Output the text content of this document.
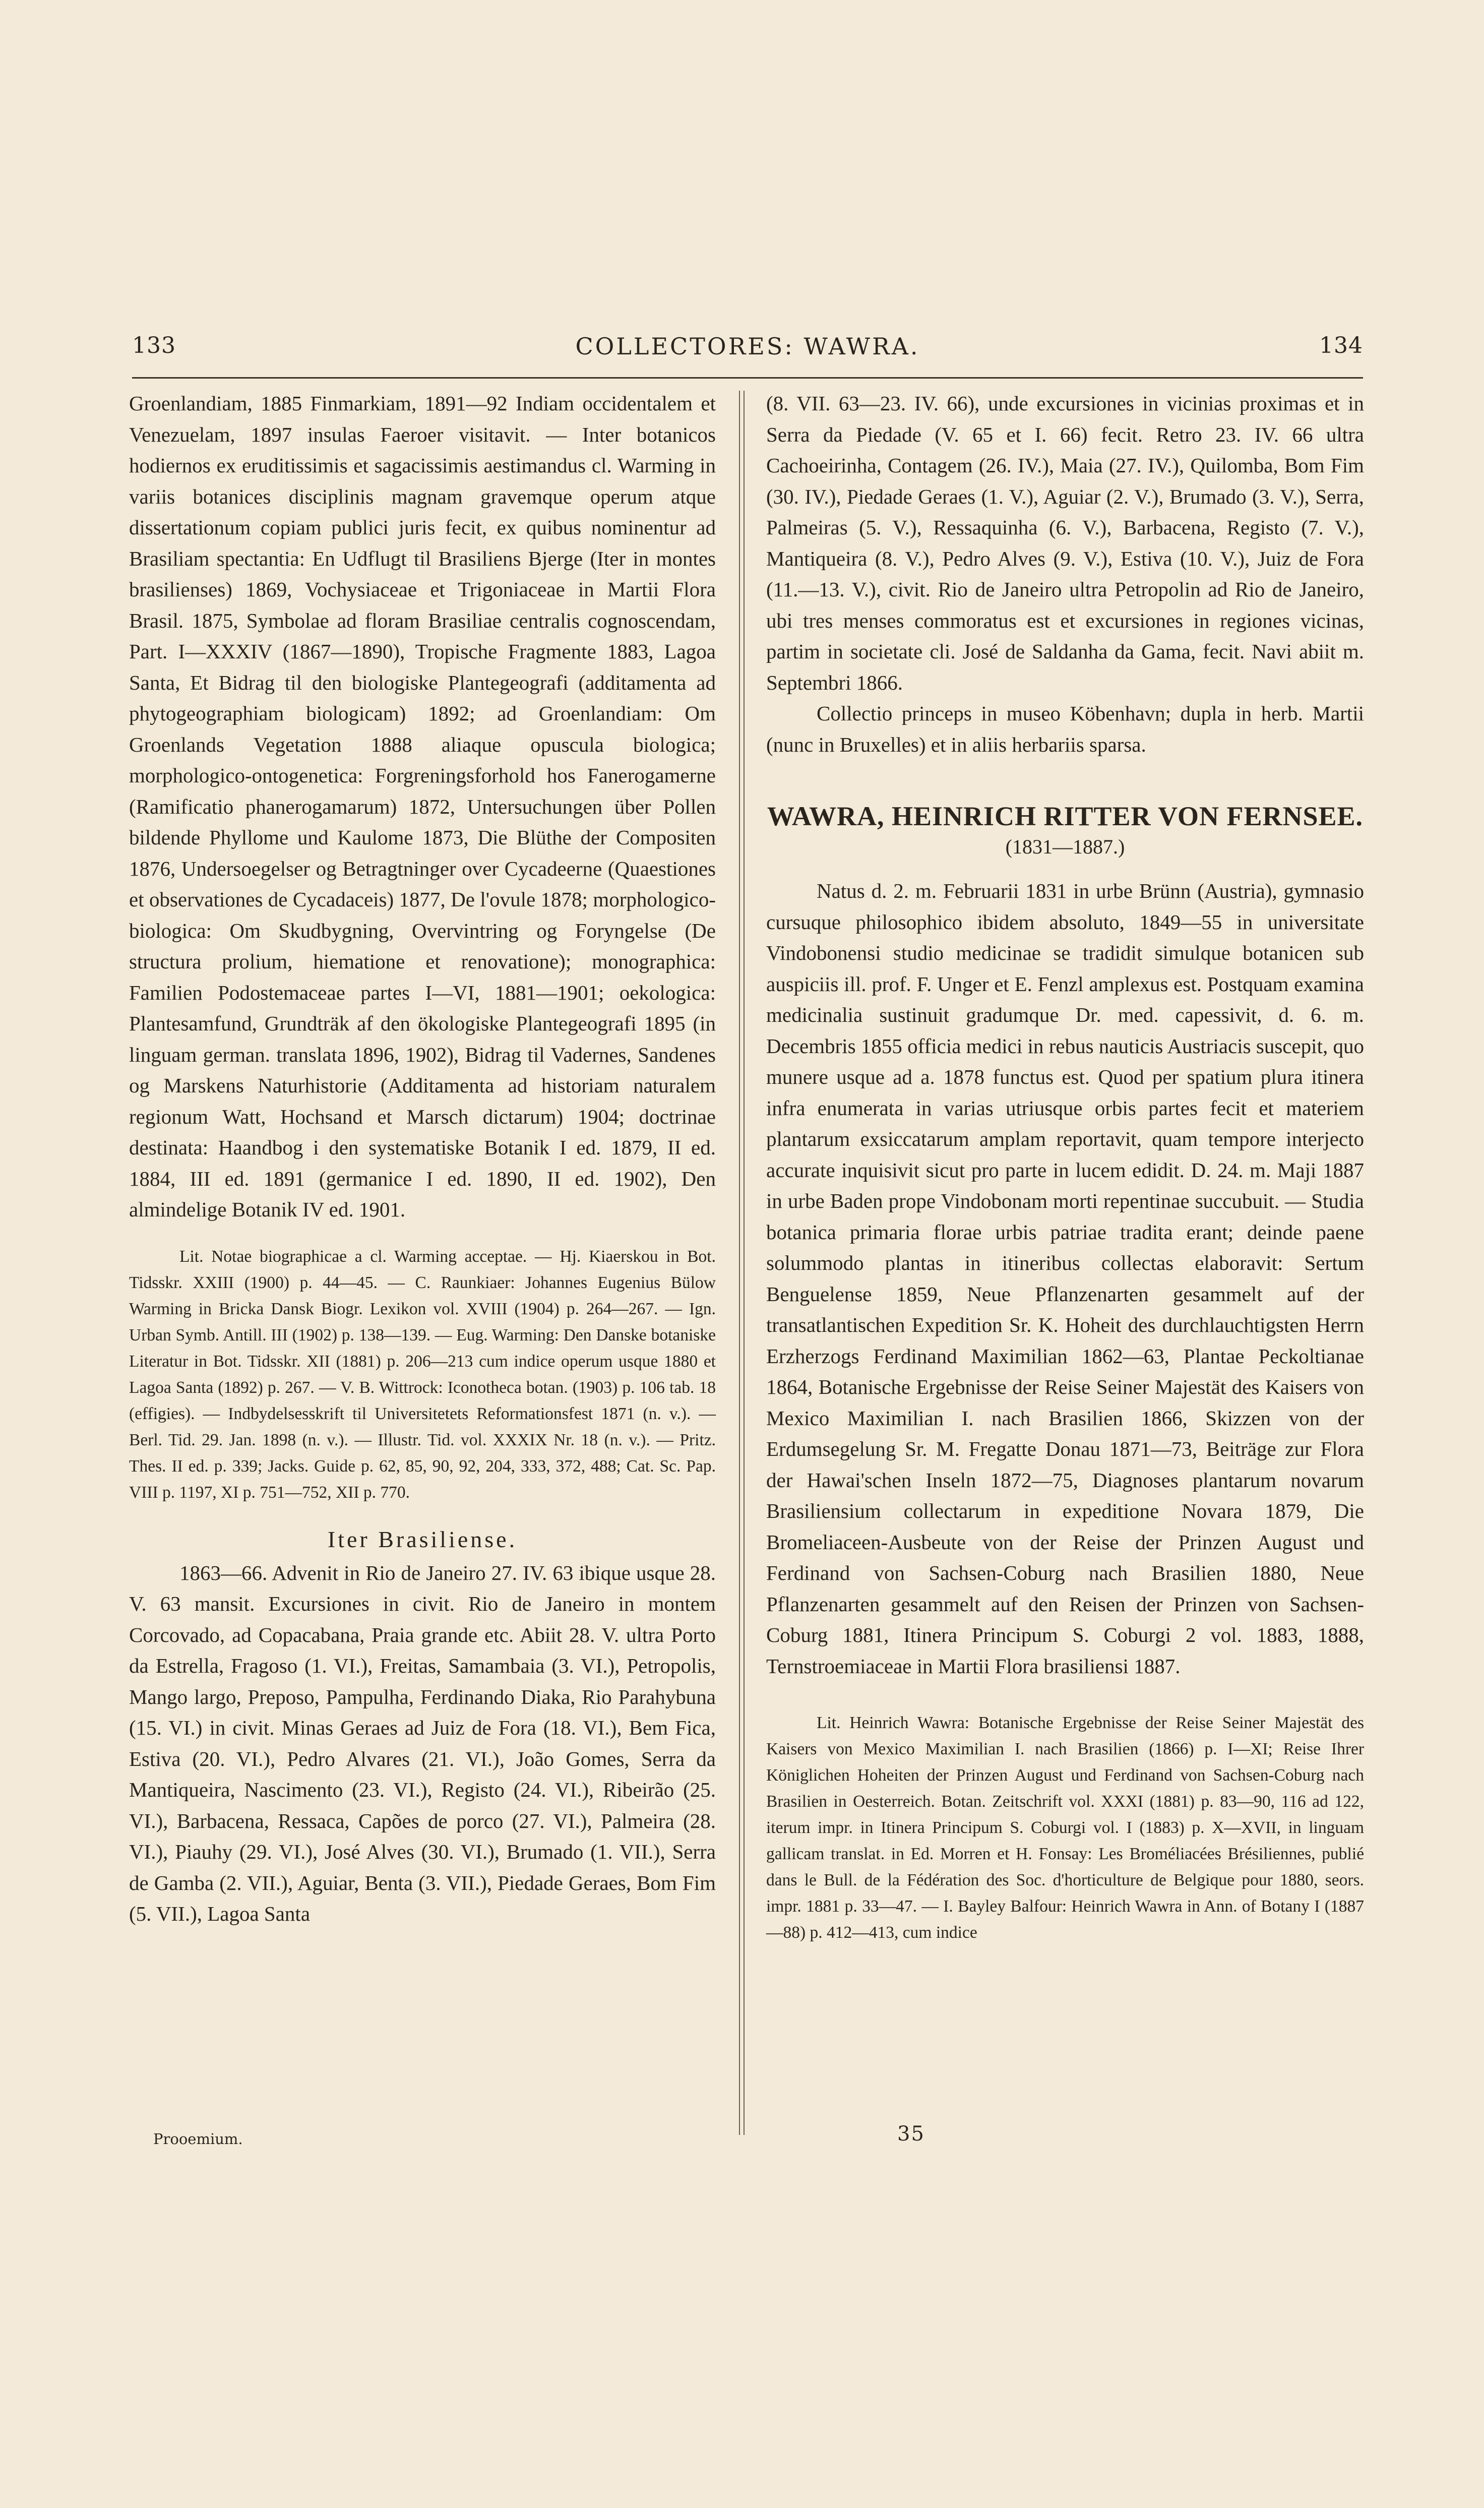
133	COLLECTORES: WAWRA.	134

Groenlandiam, 1885 Finmarkiam, 1891—92 Indiam occidentalem et Venezuelam, 1897 insulas Faeroer visitavit. — Inter botanicos hodiernos ex eruditissimis et sagacissimis aestimandus cl. Warming in variis botanices disciplinis magnam gravemque operum atque dissertationum copiam publici juris fecit, ex quibus nominentur ad Brasiliam spectantia: En Udflugt til Brasiliens Bjerge (Iter in montes brasilienses) 1869, Vochysiaceae et Trigoniaceae in Martii Flora Brasil. 1875, Symbolae ad floram Brasiliae centralis cognoscendam, Part. I—XXXIV (1867—1890), Tropische Fragmente 1883, Lagoa Santa, Et Bidrag til den biologiske Plantegeografi (additamenta ad phytogeographiam biologicam) 1892; ad Groenlandiam: Om Groenlands Vegetation 1888 aliaque opuscula biologica; morphologico-ontogenetica: Forgreningsforhold hos Fanerogamerne (Ramificatio phanerogamarum) 1872, Untersuchungen über Pollen bildende Phyllome und Kaulome 1873, Die Blüthe der Compositen 1876, Undersoegelser og Betragtninger over Cycadeerne (Quaestiones et observationes de Cycadaceis) 1877, De l'ovule 1878; morphologico-biologica: Om Skudbygning, Overvintring og Foryngelse (De structura prolium, hiematione et renovatione); monographica: Familien Podostemaceae partes I—VI, 1881—1901; oekologica: Plantesamfund, Grundträk af den ökologiske Plantegeografi 1895 (in linguam german. translata 1896, 1902), Bidrag til Vadernes, Sandenes og Marskens Naturhistorie (Additamenta ad historiam naturalem regionum Watt, Hochsand et Marsch dictarum) 1904; doctrinae destinata: Haandbog i den systematiske Botanik I ed. 1879, II ed. 1884, III ed. 1891 (germanice I ed. 1890, II ed. 1902), Den almindelige Botanik IV ed. 1901.

Lit. Notae biographicae a cl. Warming acceptae. — Hj. Kiaerskou in Bot. Tidsskr. XXIII (1900) p. 44—45. — C. Raunkiaer: Johannes Eugenius Bülow Warming in Bricka Dansk Biogr. Lexikon vol. XVIII (1904) p. 264—267. — Ign. Urban Symb. Antill. III (1902) p. 138—139. — Eug. Warming: Den Danske botaniske Literatur in Bot. Tidsskr. XII (1881) p. 206—213 cum indice operum usque 1880 et Lagoa Santa (1892) p. 267. — V. B. Wittrock: Iconotheca botan. (1903) p. 106 tab. 18 (effigies). — Indbydelsesskrift til Universitetets Reformationsfest 1871 (n. v.). — Berl. Tid. 29. Jan. 1898 (n. v.). — Illustr. Tid. vol. XXXIX Nr. 18 (n. v.). — Pritz. Thes. II ed. p. 339; Jacks. Guide p. 62, 85, 90, 92, 204, 333, 372, 488; Cat. Sc. Pap. VIII p. 1197, XI p. 751—752, XII p. 770.

Iter Brasiliense.

1863—66. Advenit in Rio de Janeiro 27. IV. 63 ibique usque 28. V. 63 mansit. Excursiones in civit. Rio de Janeiro in montem Corcovado, ad Copacabana, Praia grande etc. Abiit 28. V. ultra Porto da Estrella, Fragoso (1. VI.), Freitas, Samambaia (3. VI.), Petropolis, Mango largo, Preposo, Pampulha, Ferdinando Diaka, Rio Parahybuna (15. VI.) in civit. Minas Geraes ad Juiz de Fora (18. VI.), Bem Fica, Estiva (20. VI.), Pedro Alvares (21. VI.), João Gomes, Serra da Mantiqueira, Nascimento (23. VI.), Registo (24. VI.), Ribeirão (25. VI.), Barbacena, Ressaca, Capões de porco (27. VI.), Palmeira (28. VI.), Piauhy (29. VI.), José Alves (30. VI.), Brumado (1. VII.), Serra de Gamba (2. VII.), Aguiar, Benta (3. VII.), Piedade Geraes, Bom Fim (5. VII.), Lagoa Santa

(8. VII. 63—23. IV. 66), unde excursiones in vicinias proximas et in Serra da Piedade (V. 65 et I. 66) fecit. Retro 23. IV. 66 ultra Cachoeirinha, Contagem (26. IV.), Maia (27. IV.), Quilomba, Bom Fim (30. IV.), Piedade Geraes (1. V.), Aguiar (2. V.), Brumado (3. V.), Serra, Palmeiras (5. V.), Ressaquinha (6. V.), Barbacena, Registo (7. V.), Mantiqueira (8. V.), Pedro Alves (9. V.), Estiva (10. V.), Juiz de Fora (11.—13. V.), civit. Rio de Janeiro ultra Petropolin ad Rio de Janeiro, ubi tres menses commoratus est et excursiones in regiones vicinas, partim in societate cli. José de Saldanha da Gama, fecit. Navi abiit m. Septembri 1866.

Collectio princeps in museo Köbenhavn; dupla in herb. Martii (nunc in Bruxelles) et in aliis herbariis sparsa.

WAWRA, HEINRICH RITTER VON FERNSEE.
(1831—1887.)

Natus d. 2. m. Februarii 1831 in urbe Brünn (Austria), gymnasio cursuque philosophico ibidem absoluto, 1849—55 in universitate Vindobonensi studio medicinae se tradidit simulque botanicen sub auspiciis ill. prof. F. Unger et E. Fenzl amplexus est. Postquam examina medicinalia sustinuit gradumque Dr. med. capessivit, d. 6. m. Decembris 1855 officia medici in rebus nauticis Austriacis suscepit, quo munere usque ad a. 1878 functus est. Quod per spatium plura itinera infra enumerata in varias utriusque orbis partes fecit et materiem plantarum exsiccatarum amplam reportavit, quam tempore interjecto accurate inquisivit sicut pro parte in lucem edidit. D. 24. m. Maji 1887 in urbe Baden prope Vindobonam morti repentinae succubuit. — Studia botanica primaria florae urbis patriae tradita erant; deinde paene solummodo plantas in itineribus collectas elaboravit: Sertum Benguelense 1859, Neue Pflanzenarten gesammelt auf der transatlantischen Expedition Sr. K. Hoheit des durchlauchtigsten Herrn Erzherzogs Ferdinand Maximilian 1862—63, Plantae Peckoltianae 1864, Botanische Ergebnisse der Reise Seiner Majestät des Kaisers von Mexico Maximilian I. nach Brasilien 1866, Skizzen von der Erdumsegelung Sr. M. Fregatte Donau 1871—73, Beiträge zur Flora der Hawai'schen Inseln 1872—75, Diagnoses plantarum novarum Brasiliensium collectarum in expeditione Novara 1879, Die Bromeliaceen-Ausbeute von der Reise der Prinzen August und Ferdinand von Sachsen-Coburg nach Brasilien 1880, Neue Pflanzenarten gesammelt auf den Reisen der Prinzen von Sachsen-Coburg 1881, Itinera Principum S. Coburgi 2 vol. 1883, 1888, Ternstroemiaceae in Martii Flora brasiliensi 1887.

Lit. Heinrich Wawra: Botanische Ergebnisse der Reise Seiner Majestät des Kaisers von Mexico Maximilian I. nach Brasilien (1866) p. I—XI; Reise Ihrer Königlichen Hoheiten der Prinzen August und Ferdinand von Sachsen-Coburg nach Brasilien in Oesterreich. Botan. Zeitschrift vol. XXXI (1881) p. 83—90, 116 ad 122, iterum impr. in Itinera Principum S. Coburgi vol. I (1883) p. X—XVII, in linguam gallicam translat. in Ed. Morren et H. Fonsay: Les Broméliacées Brésiliennes, publié dans le Bull. de la Fédération des Soc. d'horticulture de Belgique pour 1880, seors. impr. 1881 p. 33—47. — I. Bayley Balfour: Heinrich Wawra in Ann. of Botany I (1887—88) p. 412—413, cum indice

Prooemium.	35
